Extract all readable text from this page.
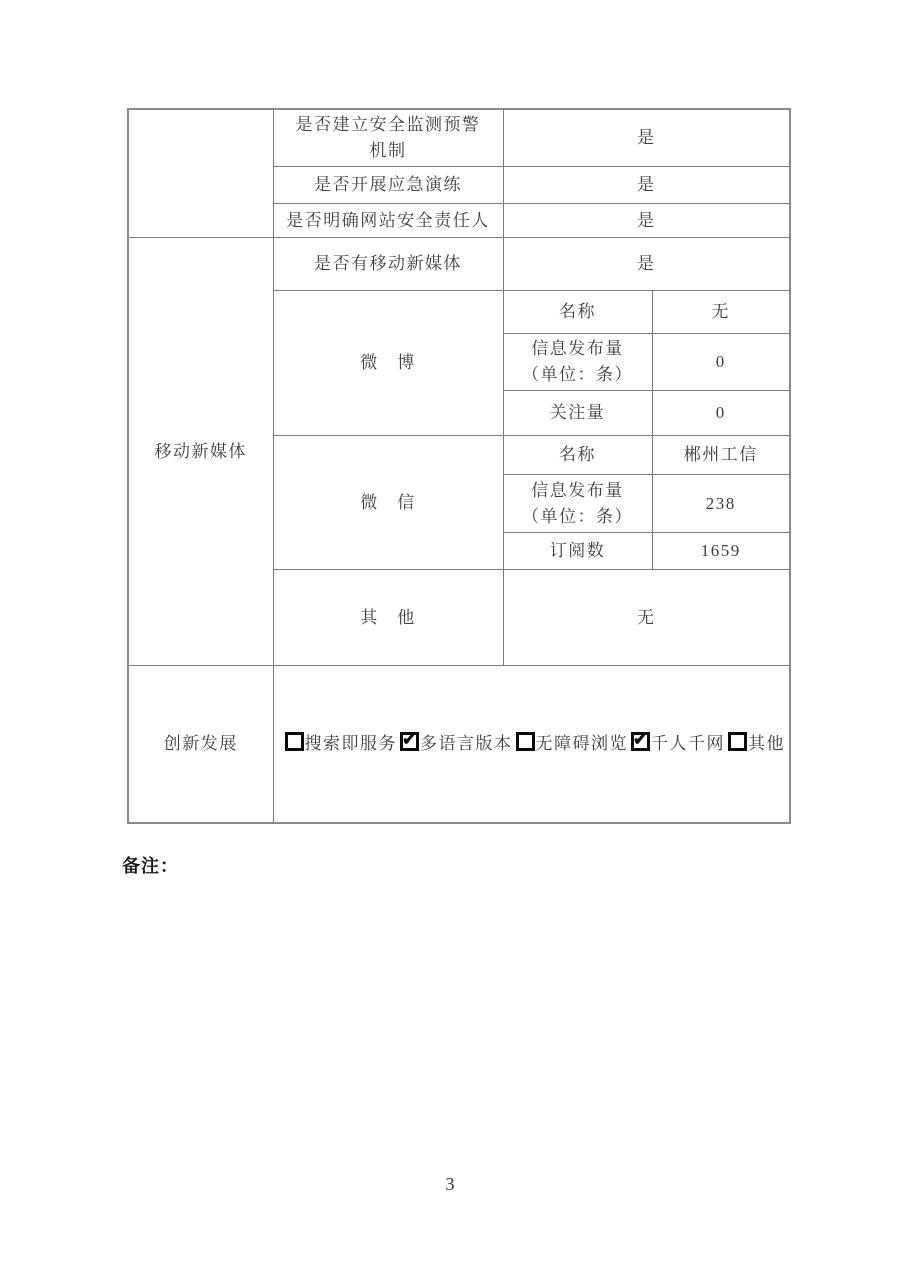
	是否建立安全监测预警
机制	是	
	是否开展应急演练	是	
	是否明确网站安全责任人	是	
移动新媒体	是否有移动新媒体	是	
	微　博	名称	无

		信息发布量
（单位：条）	0
		关注量	0
	微　信	名称	郴州工信

		信息发布量
（单位：条）	238
		订阅数	1659
	其　他	无	
创新发展	搜索即服务 ✔ 多语言版本 无障碍浏览 ✔ 千人千网 其他
备注：
3
